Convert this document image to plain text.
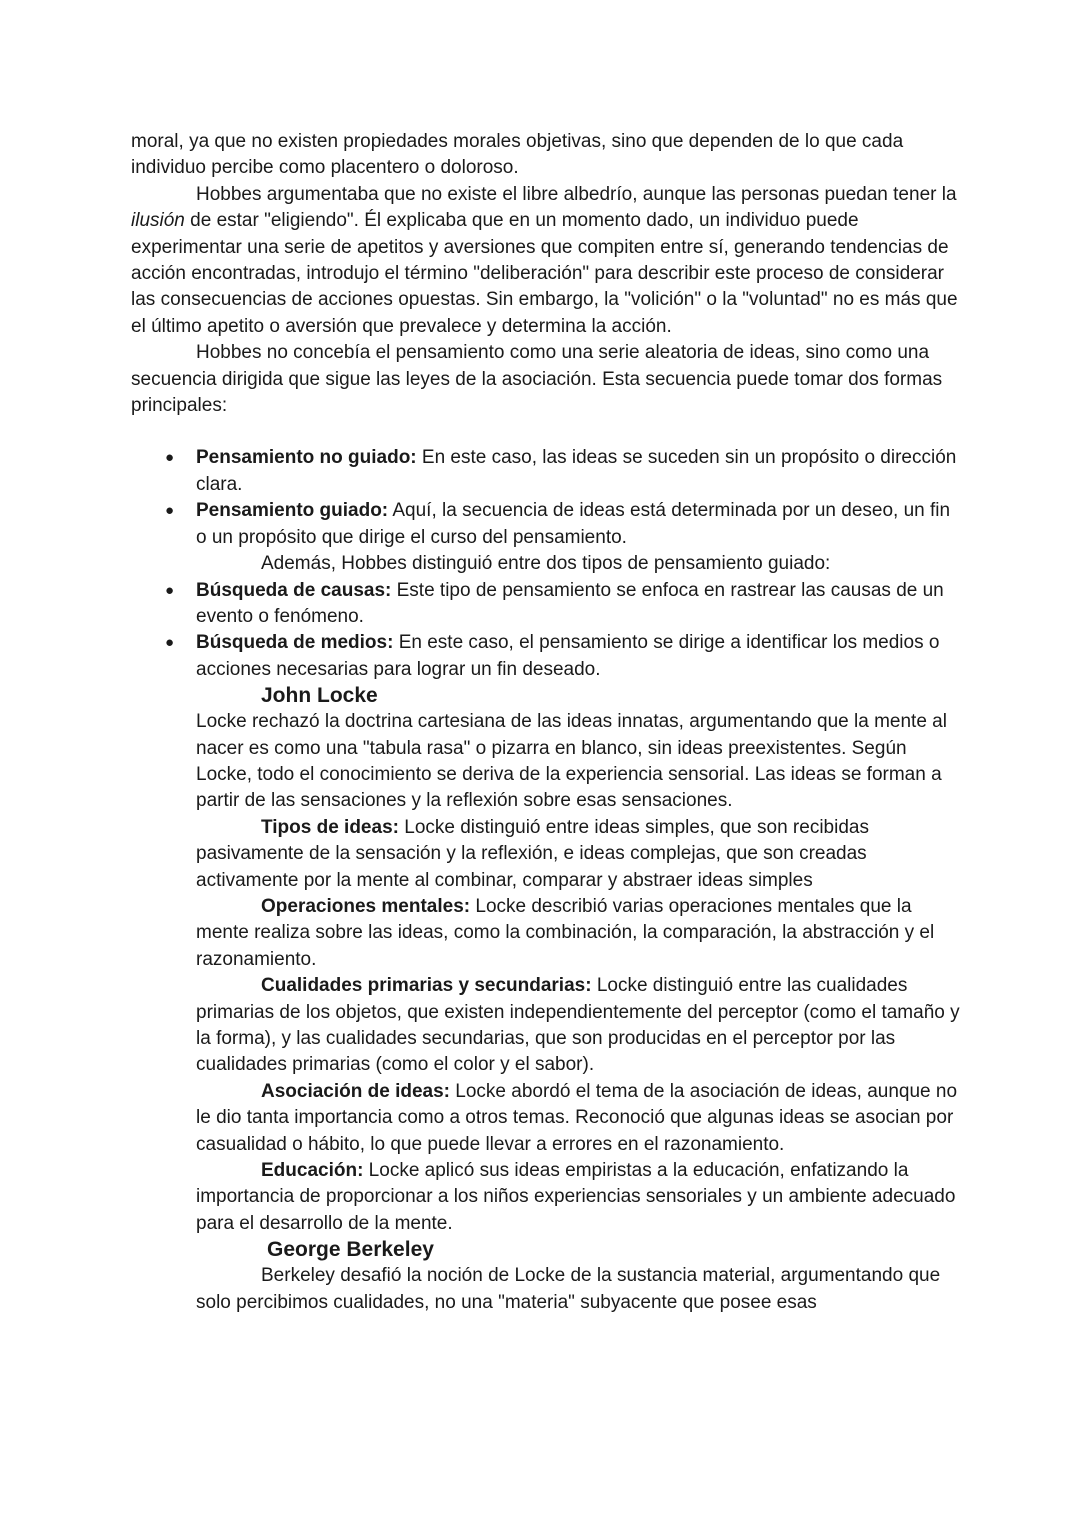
moral, ya que no existen propiedades morales objetivas, sino que dependen de lo que cada individuo percibe como placentero o doloroso.

Hobbes argumentaba que no existe el libre albedrío, aunque las personas puedan tener la ilusión de estar "eligiendo". Él explicaba que en un momento dado, un individuo puede experimentar una serie de apetitos y aversiones que compiten entre sí, generando tendencias de acción encontradas, introdujo el término "deliberación" para describir este proceso de considerar las consecuencias de acciones opuestas. Sin embargo, la "volición" o la "voluntad" no es más que el último apetito o aversión que prevalece y determina la acción.

Hobbes no concebía el pensamiento como una serie aleatoria de ideas, sino como una secuencia dirigida que sigue las leyes de la asociación. Esta secuencia puede tomar dos formas principales:

● Pensamiento no guiado: En este caso, las ideas se suceden sin un propósito o dirección clara.
● Pensamiento guiado: Aquí, la secuencia de ideas está determinada por un deseo, un fin o un propósito que dirige el curso del pensamiento.

Además, Hobbes distinguió entre dos tipos de pensamiento guiado:

● Búsqueda de causas: Este tipo de pensamiento se enfoca en rastrear las causas de un evento o fenómeno.
● Búsqueda de medios: En este caso, el pensamiento se dirige a identificar los medios o acciones necesarias para lograr un fin deseado.

John Locke

Locke rechazó la doctrina cartesiana de las ideas innatas, argumentando que la mente al nacer es como una "tabula rasa" o pizarra en blanco, sin ideas preexistentes. Según Locke, todo el conocimiento se deriva de la experiencia sensorial. Las ideas se forman a partir de las sensaciones y la reflexión sobre esas sensaciones.

Tipos de ideas: Locke distinguió entre ideas simples, que son recibidas pasivamente de la sensación y la reflexión, e ideas complejas, que son creadas activamente por la mente al combinar, comparar y abstraer ideas simples

Operaciones mentales: Locke describió varias operaciones mentales que la mente realiza sobre las ideas, como la combinación, la comparación, la abstracción y el razonamiento.

Cualidades primarias y secundarias: Locke distinguió entre las cualidades primarias de los objetos, que existen independientemente del perceptor (como el tamaño y la forma), y las cualidades secundarias, que son producidas en el perceptor por las cualidades primarias (como el color y el sabor).

Asociación de ideas: Locke abordó el tema de la asociación de ideas, aunque no le dio tanta importancia como a otros temas. Reconoció que algunas ideas se asocian por casualidad o hábito, lo que puede llevar a errores en el razonamiento.

Educación: Locke aplicó sus ideas empiristas a la educación, enfatizando la importancia de proporcionar a los niños experiencias sensoriales y un ambiente adecuado para el desarrollo de la mente.

George Berkeley

Berkeley desafió la noción de Locke de la sustancia material, argumentando que solo percibimos cualidades, no una "materia" subyacente que posee esas
